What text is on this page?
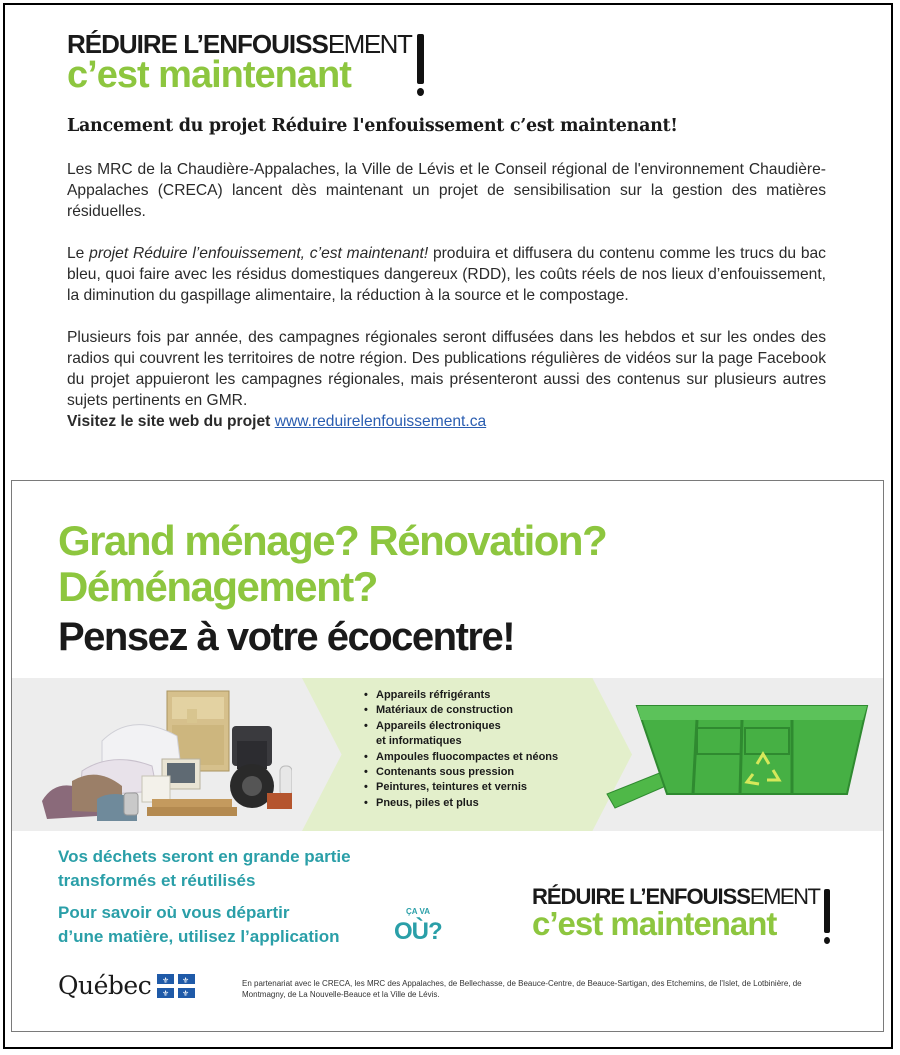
RÉDUIRE L’ENFOUISSEMENT
c’est maintenant
Lancement du projet Réduire l'enfouissement c’est maintenant!

Les MRC de la Chaudière-Appalaches, la Ville de Lévis et le Conseil régional de l'environnement Chaudière-Appalaches (CRECA) lancent dès maintenant un projet de sensibilisation sur la gestion des matières résiduelles.

Le projet Réduire l’enfouissement, c’est maintenant! produira et diffusera du contenu comme les trucs du bac bleu, quoi faire avec les résidus domestiques dangereux (RDD), les coûts réels de nos lieux d’enfouissement, la diminution du gaspillage alimentaire, la réduction à la source et le compostage.

Plusieurs fois par année, des campagnes régionales seront diffusées dans les hebdos et sur les ondes des radios qui couvrent les territoires de notre région. Des publications régulières de vidéos sur la page Facebook du projet appuieront les campagnes régionales, mais présenteront aussi des contenus sur plusieurs autres sujets pertinents en GMR.

Visitez le site web du projet www.reduirelenfouissement.ca

Grand ménage? Rénovation?
Déménagement?
Pensez à votre écocentre!
• Appareils réfrigérants
• Matériaux de construction
• Appareils électroniques
et informatiques
• Ampoules fluocompactes et néons
• Contenants sous pression
• Peintures, teintures et vernis
• Pneus, piles et plus
Vos déchets seront en grande partie
transformés et réutilisés
Pour savoir où vous départir
d’une matière, utilisez l’application
ÇA VA
OÙ?
RÉDUIRE L’ENFOUISSEMENT
c’est maintenant
Québec ⚜ ⚜
⚜ ⚜
En partenariat avec le CRECA, les MRC des Appalaches, de Bellechasse, de Beauce-Centre, de Beauce-Sartigan, des Etchemins, de l'Islet, de Lotbinière, de Montmagny, de La Nouvelle-Beauce et la Ville de Lévis.
